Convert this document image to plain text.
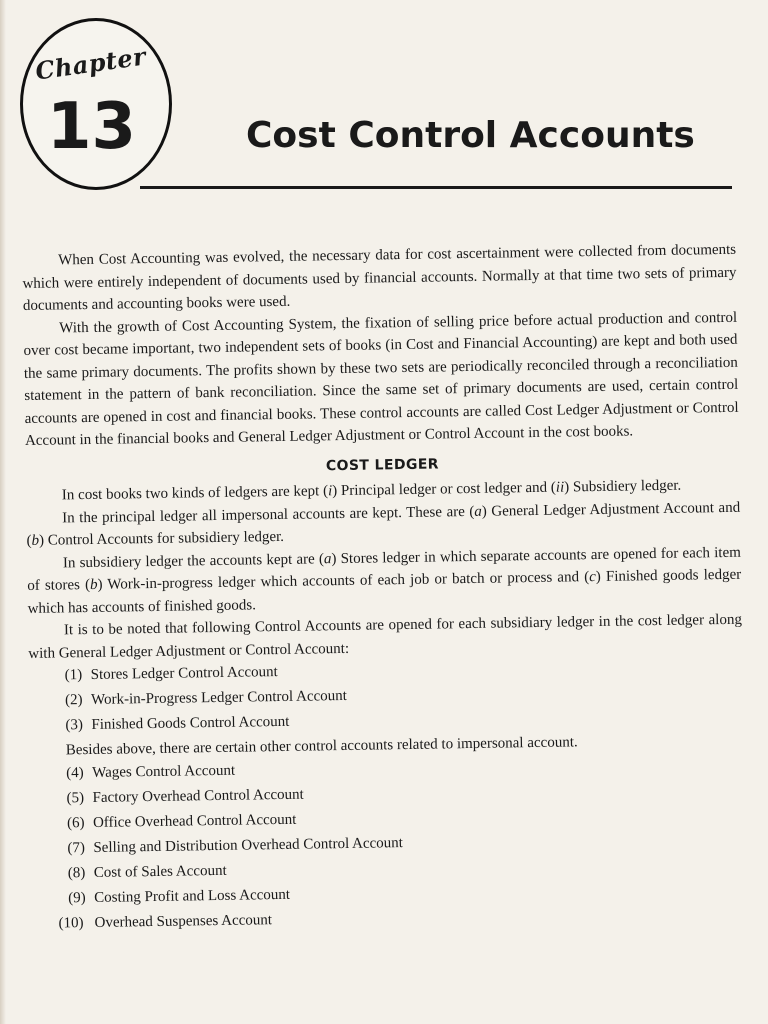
Chapter
13	Cost Control Accounts

When Cost Accounting was evolved, the necessary data for cost ascertainment were collected from documents which were entirely independent of documents used by financial accounts. Normally at that time two sets of primary documents and accounting books were used.

With the growth of Cost Accounting System, the fixation of selling price before actual production and control over cost became important, two independent sets of books (in Cost and Financial Accounting) are kept and both used the same primary documents. The profits shown by these two sets are periodically reconciled through a reconciliation statement in the pattern of bank reconciliation. Since the same set of primary documents are used, certain control accounts are opened in cost and financial books. These control accounts are called Cost Ledger Adjustment or Control Account in the financial books and General Ledger Adjustment or Control Account in the cost books.

COST LEDGER

In cost books two kinds of ledgers are kept (i) Principal ledger or cost ledger and (ii) Subsidiery ledger.

In the principal ledger all impersonal accounts are kept. These are (a) General Ledger Adjustment Account and (b) Control Accounts for subsidiery ledger.

In subsidiery ledger the accounts kept are (a) Stores ledger in which separate accounts are opened for each item of stores (b) Work-in-progress ledger which accounts of each job or batch or process and (c) Finished goods ledger which has accounts of finished goods.

It is to be noted that following Control Accounts are opened for each subsidiary ledger in the cost ledger along with General Ledger Adjustment or Control Account:

(1) Stores Ledger Control Account
(2) Work-in-Progress Ledger Control Account
(3) Finished Goods Control Account

Besides above, there are certain other control accounts related to impersonal account.

(4) Wages Control Account
(5) Factory Overhead Control Account
(6) Office Overhead Control Account
(7) Selling and Distribution Overhead Control Account
(8) Cost of Sales Account
(9) Costing Profit and Loss Account
(10) Overhead Suspenses Account
